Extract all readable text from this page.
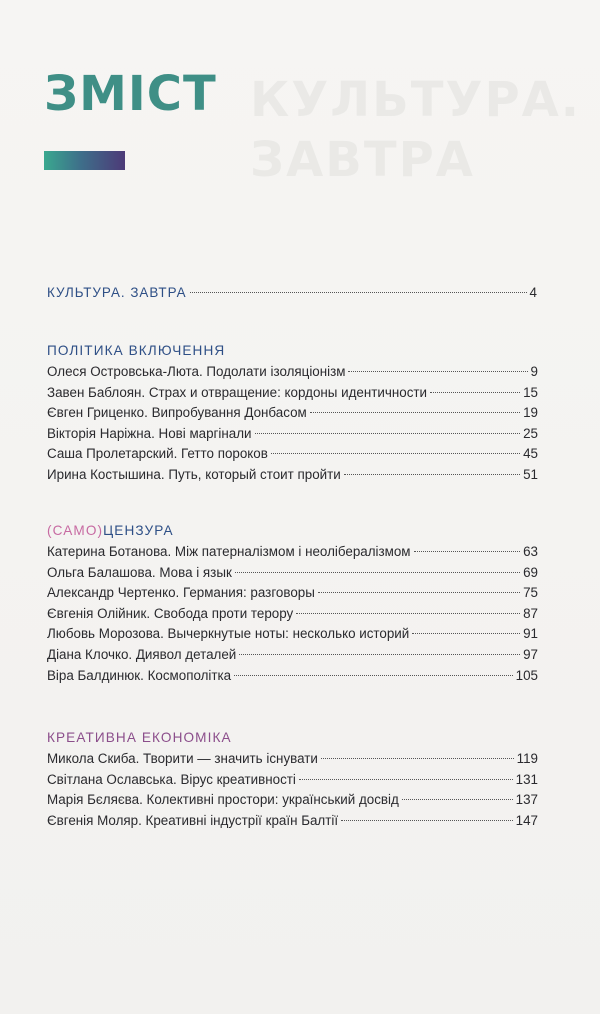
КУЛЬТУРА.
ЗАВТРА
ЗМІСТ
КУЛЬТУРА. ЗАВТРА	4
ПОЛІТИКА ВКЛЮЧЕННЯ
Олеся Островська-Люта. Подолати ізоляціонізм	9
Завен Баблоян. Страх и отвращение: кордоны идентичности	15
Євген Гриценко. Випробування Донбасом	19
Вікторія Наріжна. Нові маргінали	25
Саша Пролетарский. Гетто пороков	45
Ирина Костышина. Путь, который стоит пройти	51
(САМО)ЦЕНЗУРА
Катерина Ботанова. Між патерналізмом і неолібералізмом	63
Ольга Балашова. Мова і язык	69
Александр Чертенко. Германия: разговоры	75
Євгенія Олійник. Свобода проти терору	87
Любовь Морозова. Вычеркнутые ноты: несколько историй	91
Діана Клочко. Диявол деталей	97
Віра Балдинюк. Космополітка	105
КРЕАТИВНА ЕКОНОМІКА
Микола Скиба. Творити — значить існувати	119
Світлана Ославська. Вірус креативності	131
Марія Бєляєва. Колективні простори: український досвід	137
Євгенія Моляр. Креативні індустрії країн Балтії	147
